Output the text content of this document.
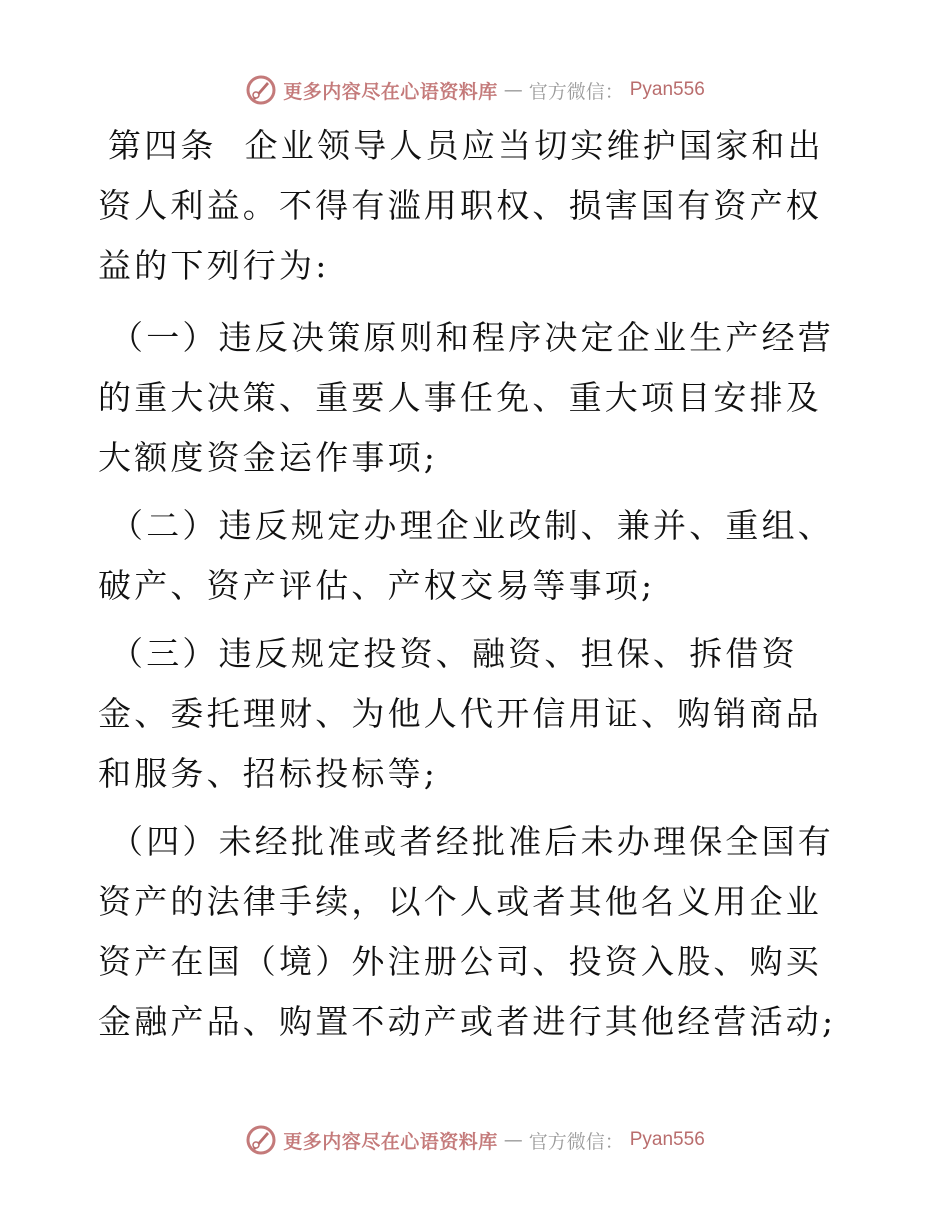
更多内容尽在心语资料库 — 官方微信： Pyan556

第四条 企业领导人员应当切实维护国家和出资人利益。不得有滥用职权、损害国有资产权益的下列行为:

（一）违反决策原则和程序决定企业生产经营的重大决策、重要人事任免、重大项目安排及大额度资金运作事项;

（二）违反规定办理企业改制、兼并、重组、破产、资产评估、产权交易等事项;

（三）违反规定投资、融资、担保、拆借资金、委托理财、为他人代开信用证、购销商品和服务、招标投标等;

（四）未经批准或者经批准后未办理保全国有资产的法律手续，以个人或者其他名义用企业资产在国（境）外注册公司、投资入股、购买金融产品、购置不动产或者进行其他经营活动;

更多内容尽在心语资料库 — 官方微信： Pyan556
